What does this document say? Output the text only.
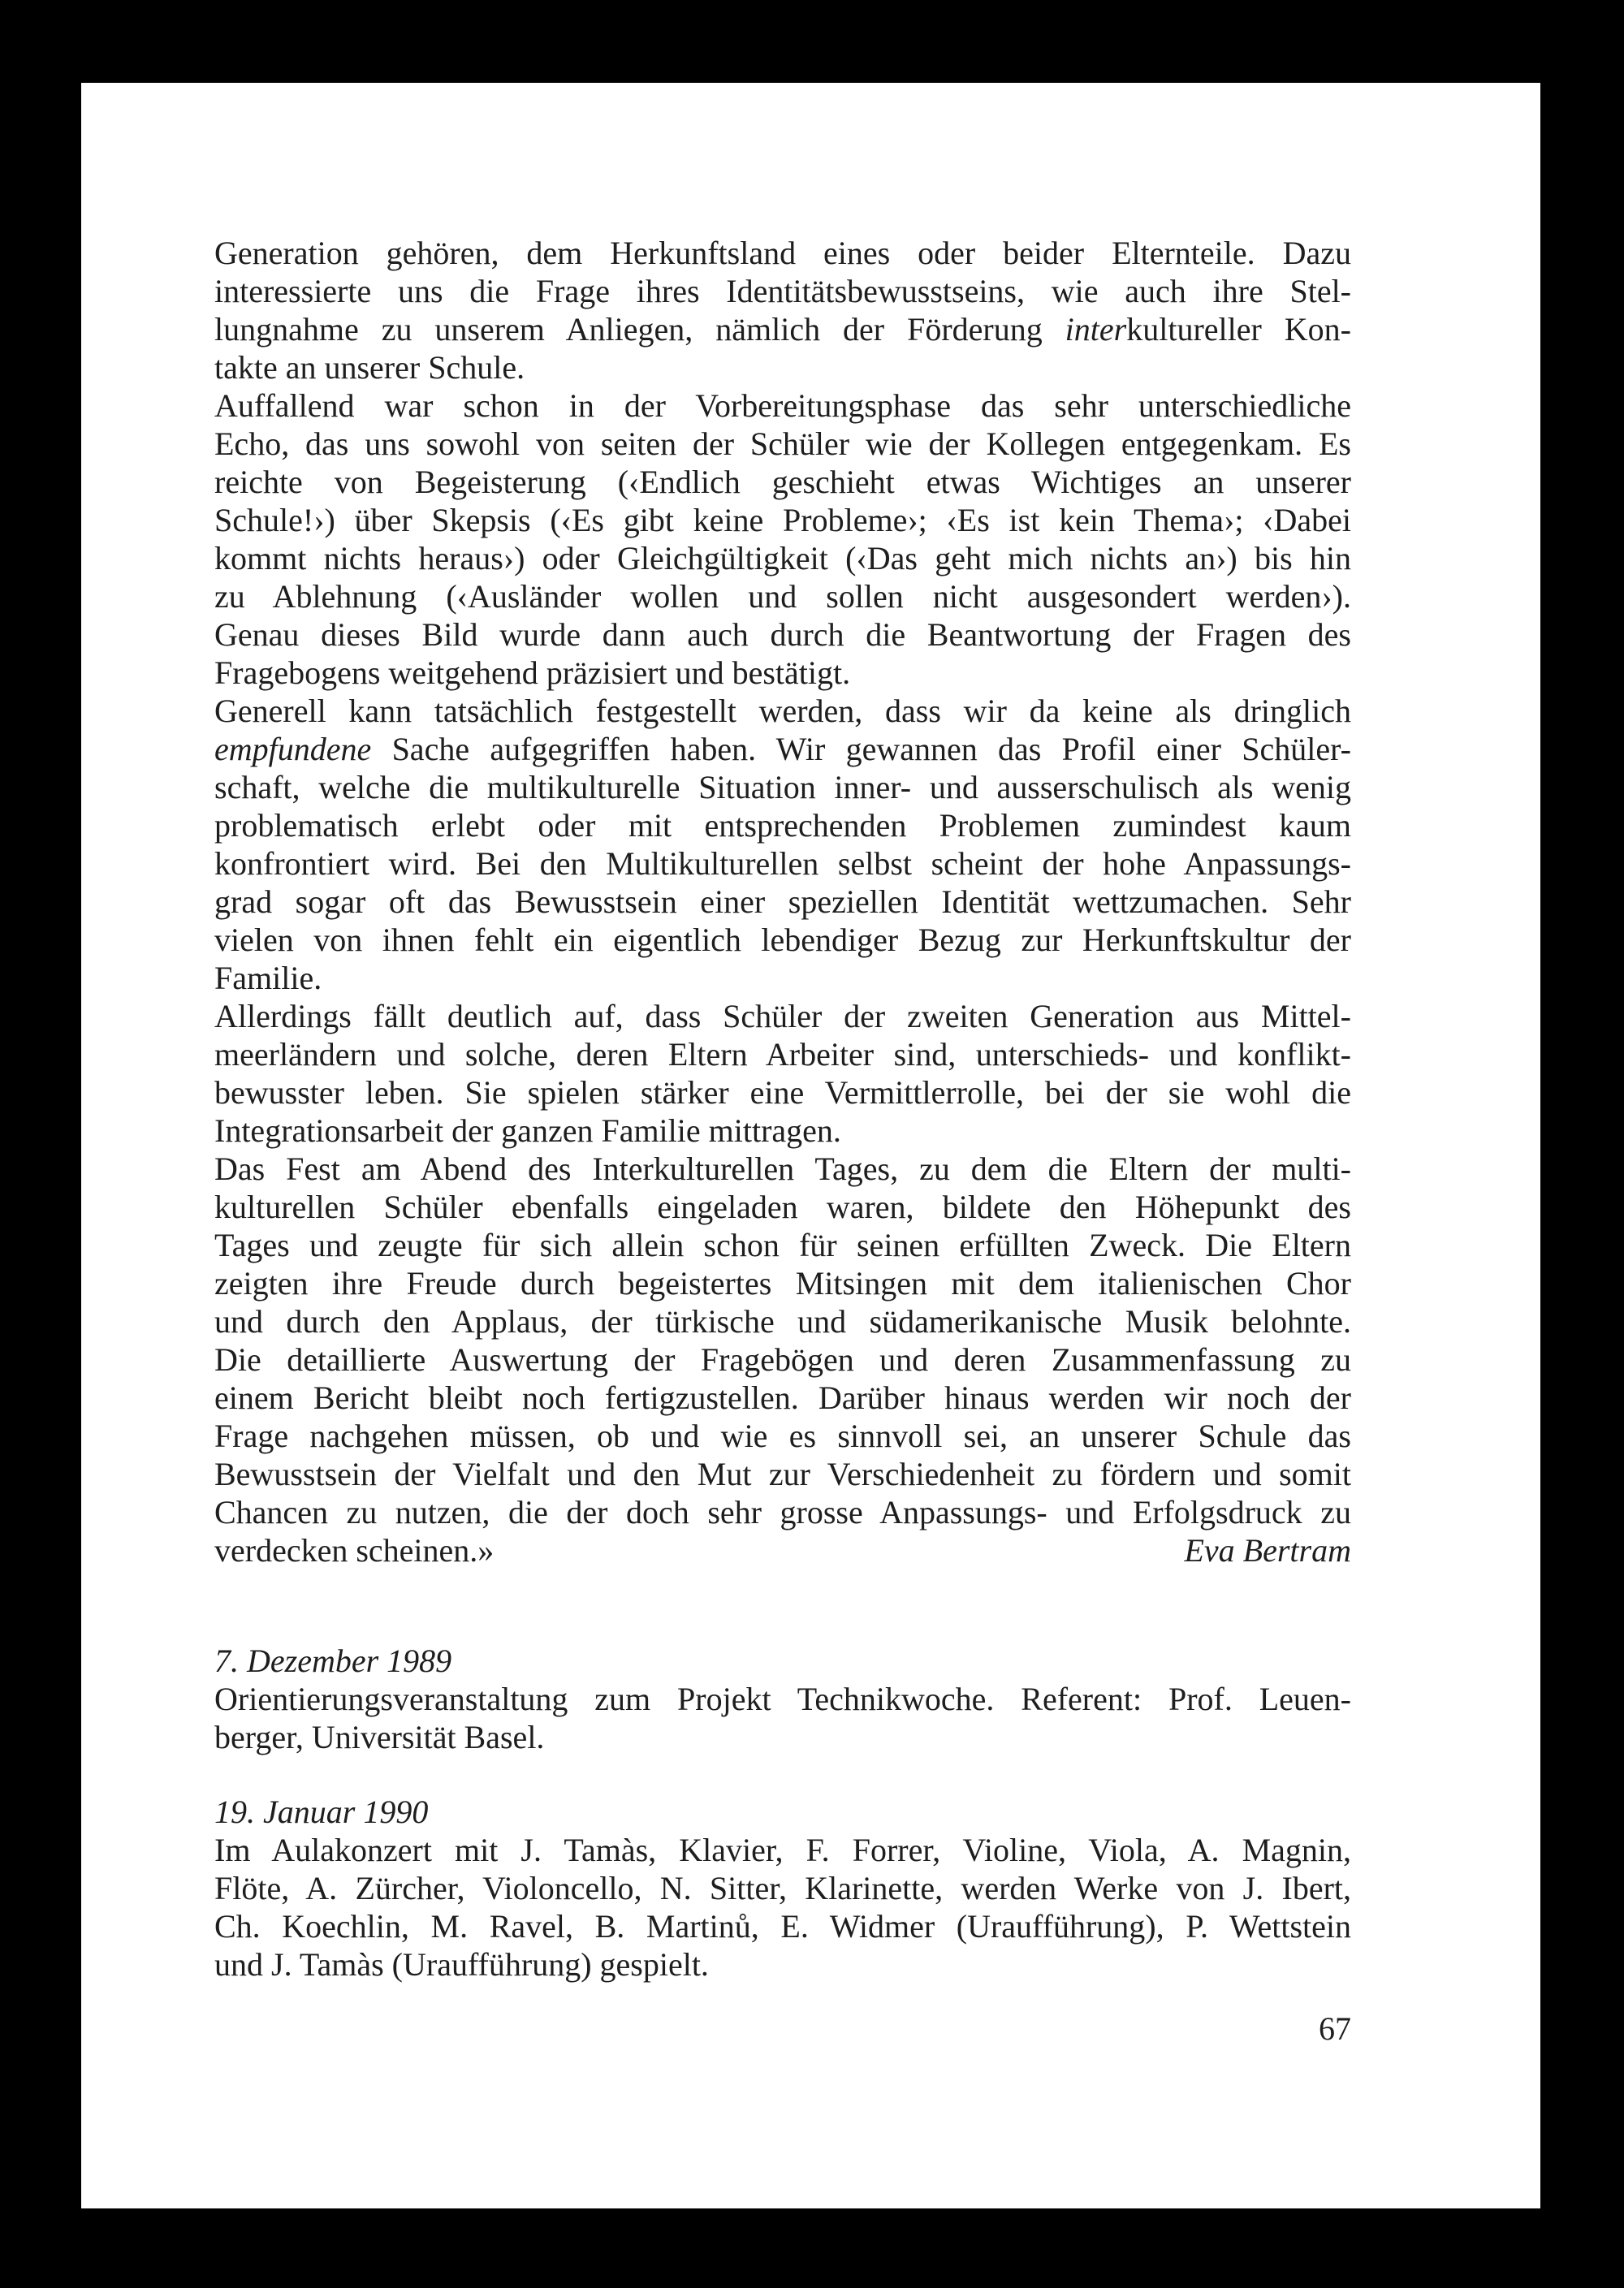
Generation gehören, dem Herkunftsland eines oder beider Elternteile. Dazu
interessierte uns die Frage ihres Identitätsbewusstseins, wie auch ihre Stel-
lungnahme zu unserem Anliegen, nämlich der Förderung interkultureller Kon-
takte an unserer Schule.
Auffallend war schon in der Vorbereitungsphase das sehr unterschiedliche
Echo, das uns sowohl von seiten der Schüler wie der Kollegen entgegenkam. Es
reichte von Begeisterung (‹Endlich geschieht etwas Wichtiges an unserer
Schule!›) über Skepsis (‹Es gibt keine Probleme›; ‹Es ist kein Thema›; ‹Dabei
kommt nichts heraus›) oder Gleichgültigkeit (‹Das geht mich nichts an›) bis hin
zu Ablehnung (‹Ausländer wollen und sollen nicht ausgesondert werden›).
Genau dieses Bild wurde dann auch durch die Beantwortung der Fragen des
Fragebogens weitgehend präzisiert und bestätigt.
Generell kann tatsächlich festgestellt werden, dass wir da keine als dringlich
empfundene Sache aufgegriffen haben. Wir gewannen das Profil einer Schüler-
schaft, welche die multikulturelle Situation inner- und ausserschulisch als wenig
problematisch erlebt oder mit entsprechenden Problemen zumindest kaum
konfrontiert wird. Bei den Multikulturellen selbst scheint der hohe Anpassungs-
grad sogar oft das Bewusstsein einer speziellen Identität wettzumachen. Sehr
vielen von ihnen fehlt ein eigentlich lebendiger Bezug zur Herkunftskultur der
Familie.
Allerdings fällt deutlich auf, dass Schüler der zweiten Generation aus Mittel-
meerländern und solche, deren Eltern Arbeiter sind, unterschieds- und konflikt-
bewusster leben. Sie spielen stärker eine Vermittlerrolle, bei der sie wohl die
Integrationsarbeit der ganzen Familie mittragen.
Das Fest am Abend des Interkulturellen Tages, zu dem die Eltern der multi-
kulturellen Schüler ebenfalls eingeladen waren, bildete den Höhepunkt des
Tages und zeugte für sich allein schon für seinen erfüllten Zweck. Die Eltern
zeigten ihre Freude durch begeistertes Mitsingen mit dem italienischen Chor
und durch den Applaus, der türkische und südamerikanische Musik belohnte.
Die detaillierte Auswertung der Fragebögen und deren Zusammenfassung zu
einem Bericht bleibt noch fertigzustellen. Darüber hinaus werden wir noch der
Frage nachgehen müssen, ob und wie es sinnvoll sei, an unserer Schule das
Bewusstsein der Vielfalt und den Mut zur Verschiedenheit zu fördern und somit
Chancen zu nutzen, die der doch sehr grosse Anpassungs- und Erfolgsdruck zu
verdecken scheinen.»	Eva Bertram
7. Dezember 1989
Orientierungsveranstaltung zum Projekt Technikwoche. Referent: Prof. Leuen-
berger, Universität Basel.
19. Januar 1990
Im Aulakonzert mit J. Tamàs, Klavier, F. Forrer, Violine, Viola, A. Magnin,
Flöte, A. Zürcher, Violoncello, N. Sitter, Klarinette, werden Werke von J. Ibert,
Ch. Koechlin, M. Ravel, B. Martinů, E. Widmer (Uraufführung), P. Wettstein
und J. Tamàs (Uraufführung) gespielt.
67
